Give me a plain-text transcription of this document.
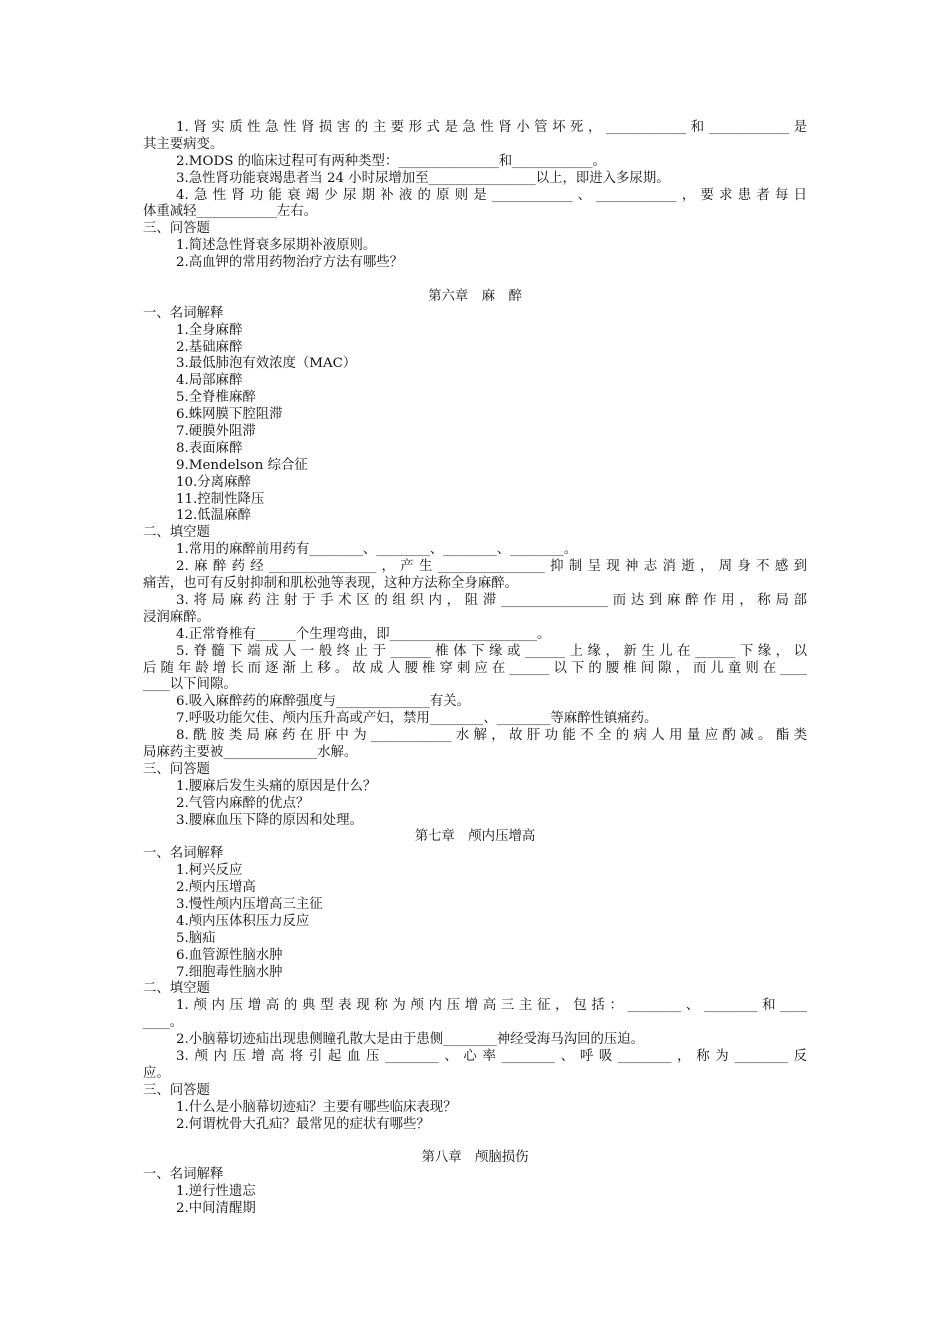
1.肾实质性急性肾损害的主要形式是急性肾小管坏死，____________和____________是
其主要病变。
2.MODS 的临床过程可有两种类型：_______________和____________。
3.急性肾功能衰竭患者当 24 小时尿增加至________________以上，即进入多尿期。
4.急性肾功能衰竭少尿期补液的原则是____________、____________，要求患者每日
体重减轻____________左右。
三、问答题
1.简述急性肾衰多尿期补液原则。
2.高血钾的常用药物治疗方法有哪些？
第六章　麻　醉
一、名词解释
1.全身麻醉
2.基础麻醉
3.最低肺泡有效浓度（MAC）
4.局部麻醉
5.全脊椎麻醉
6.蛛网膜下腔阻滞
7.硬膜外阻滞
8.表面麻醉
9.Mendelson 综合征
10.分离麻醉
11.控制性降压
12.低温麻醉
二、填空题
1.常用的麻醉前用药有________、________、________、________。
2.麻醉药经________________，产生________________抑制呈现神志消逝，周身不感到
痛苦，也可有反射抑制和肌松弛等表现，这种方法称全身麻醉。
3.将局麻药注射于手术区的组织内，阻滞________________而达到麻醉作用，称局部
浸润麻醉。
4.正常脊椎有______个生理弯曲，即______________________。
5.脊髓下端成人一般终止于______椎体下缘或______上缘，新生儿在______下缘，以
后随年龄增长而逐渐上移。故成人腰椎穿刺应在______以下的腰椎间隙，而儿童则在____
____以下间隙。
6.吸入麻醉药的麻醉强度与______________有关。
7.呼吸功能欠佳、颅内压升高或产妇，禁用________、________等麻醉性镇痛药。
8.酰胺类局麻药在肝中为____________水解，故肝功能不全的病人用量应酌减。酯类
局麻药主要被______________水解。
三、问答题
1.腰麻后发生头痛的原因是什么？
2.气管内麻醉的优点？
3.腰麻血压下降的原因和处理。
第七章　颅内压增高
一、名词解释
1.柯兴反应
2.颅内压增高
3.慢性颅内压增高三主征
4.颅内压体积压力反应
5.脑疝
6.血管源性脑水肿
7.细胞毒性脑水肿
二、填空题
1.颅内压增高的典型表现称为颅内压增高三主征，包括：________、________和____
____。
2.小脑幕切迹疝出现患侧瞳孔散大是由于患侧________神经受海马沟回的压迫。
3.颅内压增高将引起血压________、心率________、呼吸________，称为________反
应。
三、问答题
1.什么是小脑幕切迹疝？主要有哪些临床表现？
2.何谓枕骨大孔疝？最常见的症状有哪些？
第八章　颅脑损伤
一、名词解释
1.逆行性遗忘
2.中间清醒期
